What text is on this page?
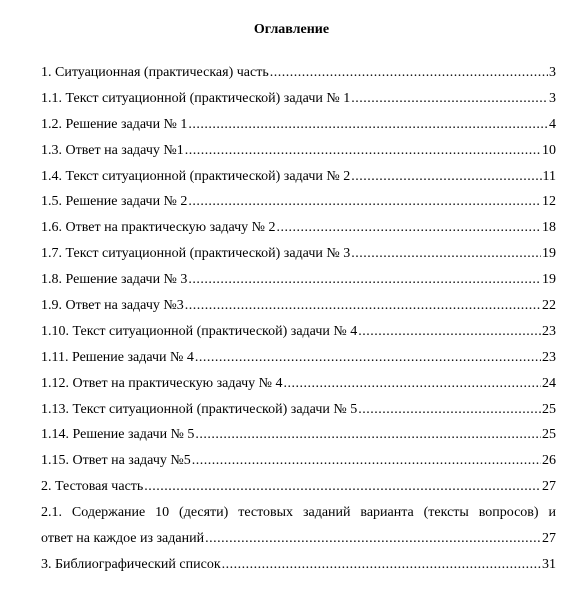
Оглавление
1. Ситуационная (практическая) часть .....	3
1.1. Текст ситуационной (практической) задачи № 1 .....	3
1.2. Решение задачи № 1 .....	4
1.3. Ответ на задачу №1 .....	10
1.4. Текст ситуационной (практической) задачи № 2 .....	11
1.5. Решение задачи № 2 .....	12
1.6. Ответ на практическую задачу № 2 .....	18
1.7. Текст ситуационной (практической) задачи № 3 .....	19
1.8. Решение задачи № 3 .....	19
1.9. Ответ на задачу №3 .....	22
1.10. Текст ситуационной (практической) задачи № 4 .....	23
1.11. Решение задачи № 4 .....	23
1.12. Ответ на практическую задачу № 4 .....	24
1.13. Текст ситуационной (практической) задачи № 5 .....	25
1.14. Решение задачи № 5 .....	25
1.15. Ответ на задачу №5 .....	26
2. Тестовая часть .....	27
2.1. Содержание 10 (десяти) тестовых заданий варианта (тексты вопросов) и
ответ на каждое из заданий .....	27
3. Библиографический список .....	31
